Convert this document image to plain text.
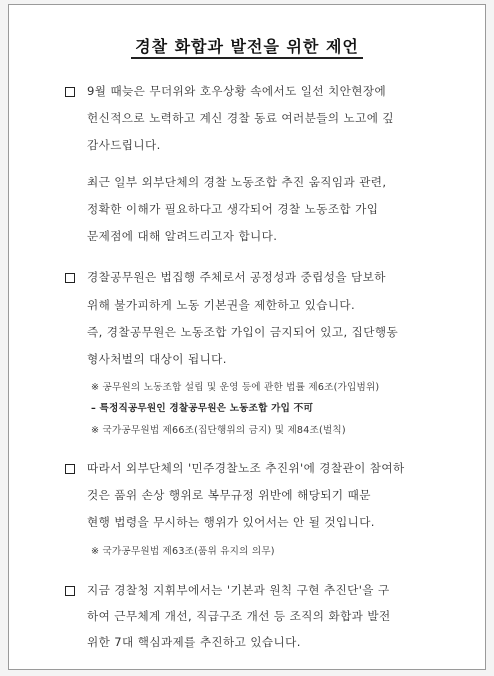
경찰 화합과 발전을 위한 제언
9월 때늦은 무더위와 호우상황 속에서도 일선 치안현장에
헌신적으로 노력하고 계신 경찰 동료 여러분들의 노고에 깊
감사드립니다.
최근 일부 외부단체의 경찰 노동조합 추진 움직임과 관련,
정확한 이해가 필요하다고 생각되어 경찰 노동조합 가입
문제점에 대해 알려드리고자 합니다.
경찰공무원은 법집행 주체로서 공정성과 중립성을 담보하
위해 불가피하게 노동 기본권을 제한하고 있습니다.
즉, 경찰공무원은 노동조합 가입이 금지되어 있고, 집단행동
형사처벌의 대상이 됩니다.
※ 공무원의 노동조합 설립 및 운영 등에 관한 법률 제6조(가입범위)
– 특정직공무원인 경찰공무원은 노동조합 가입 不可
※ 국가공무원법 제66조(집단행위의 금지) 및 제84조(벌칙)
따라서 외부단체의 '민주경찰노조 추진위'에 경찰관이 참여하
것은 품위 손상 행위로 복무규정 위반에 해당되기 때문
현행 법령을 무시하는 행위가 있어서는 안 될 것입니다.
※ 국가공무원법 제63조(품위 유지의 의무)
지금 경찰청 지휘부에서는 '기본과 원칙 구현 추진단'을 구
하여 근무체계 개선, 직급구조 개선 등 조직의 화합과 발전
위한 7대 핵심과제를 추진하고 있습니다.
